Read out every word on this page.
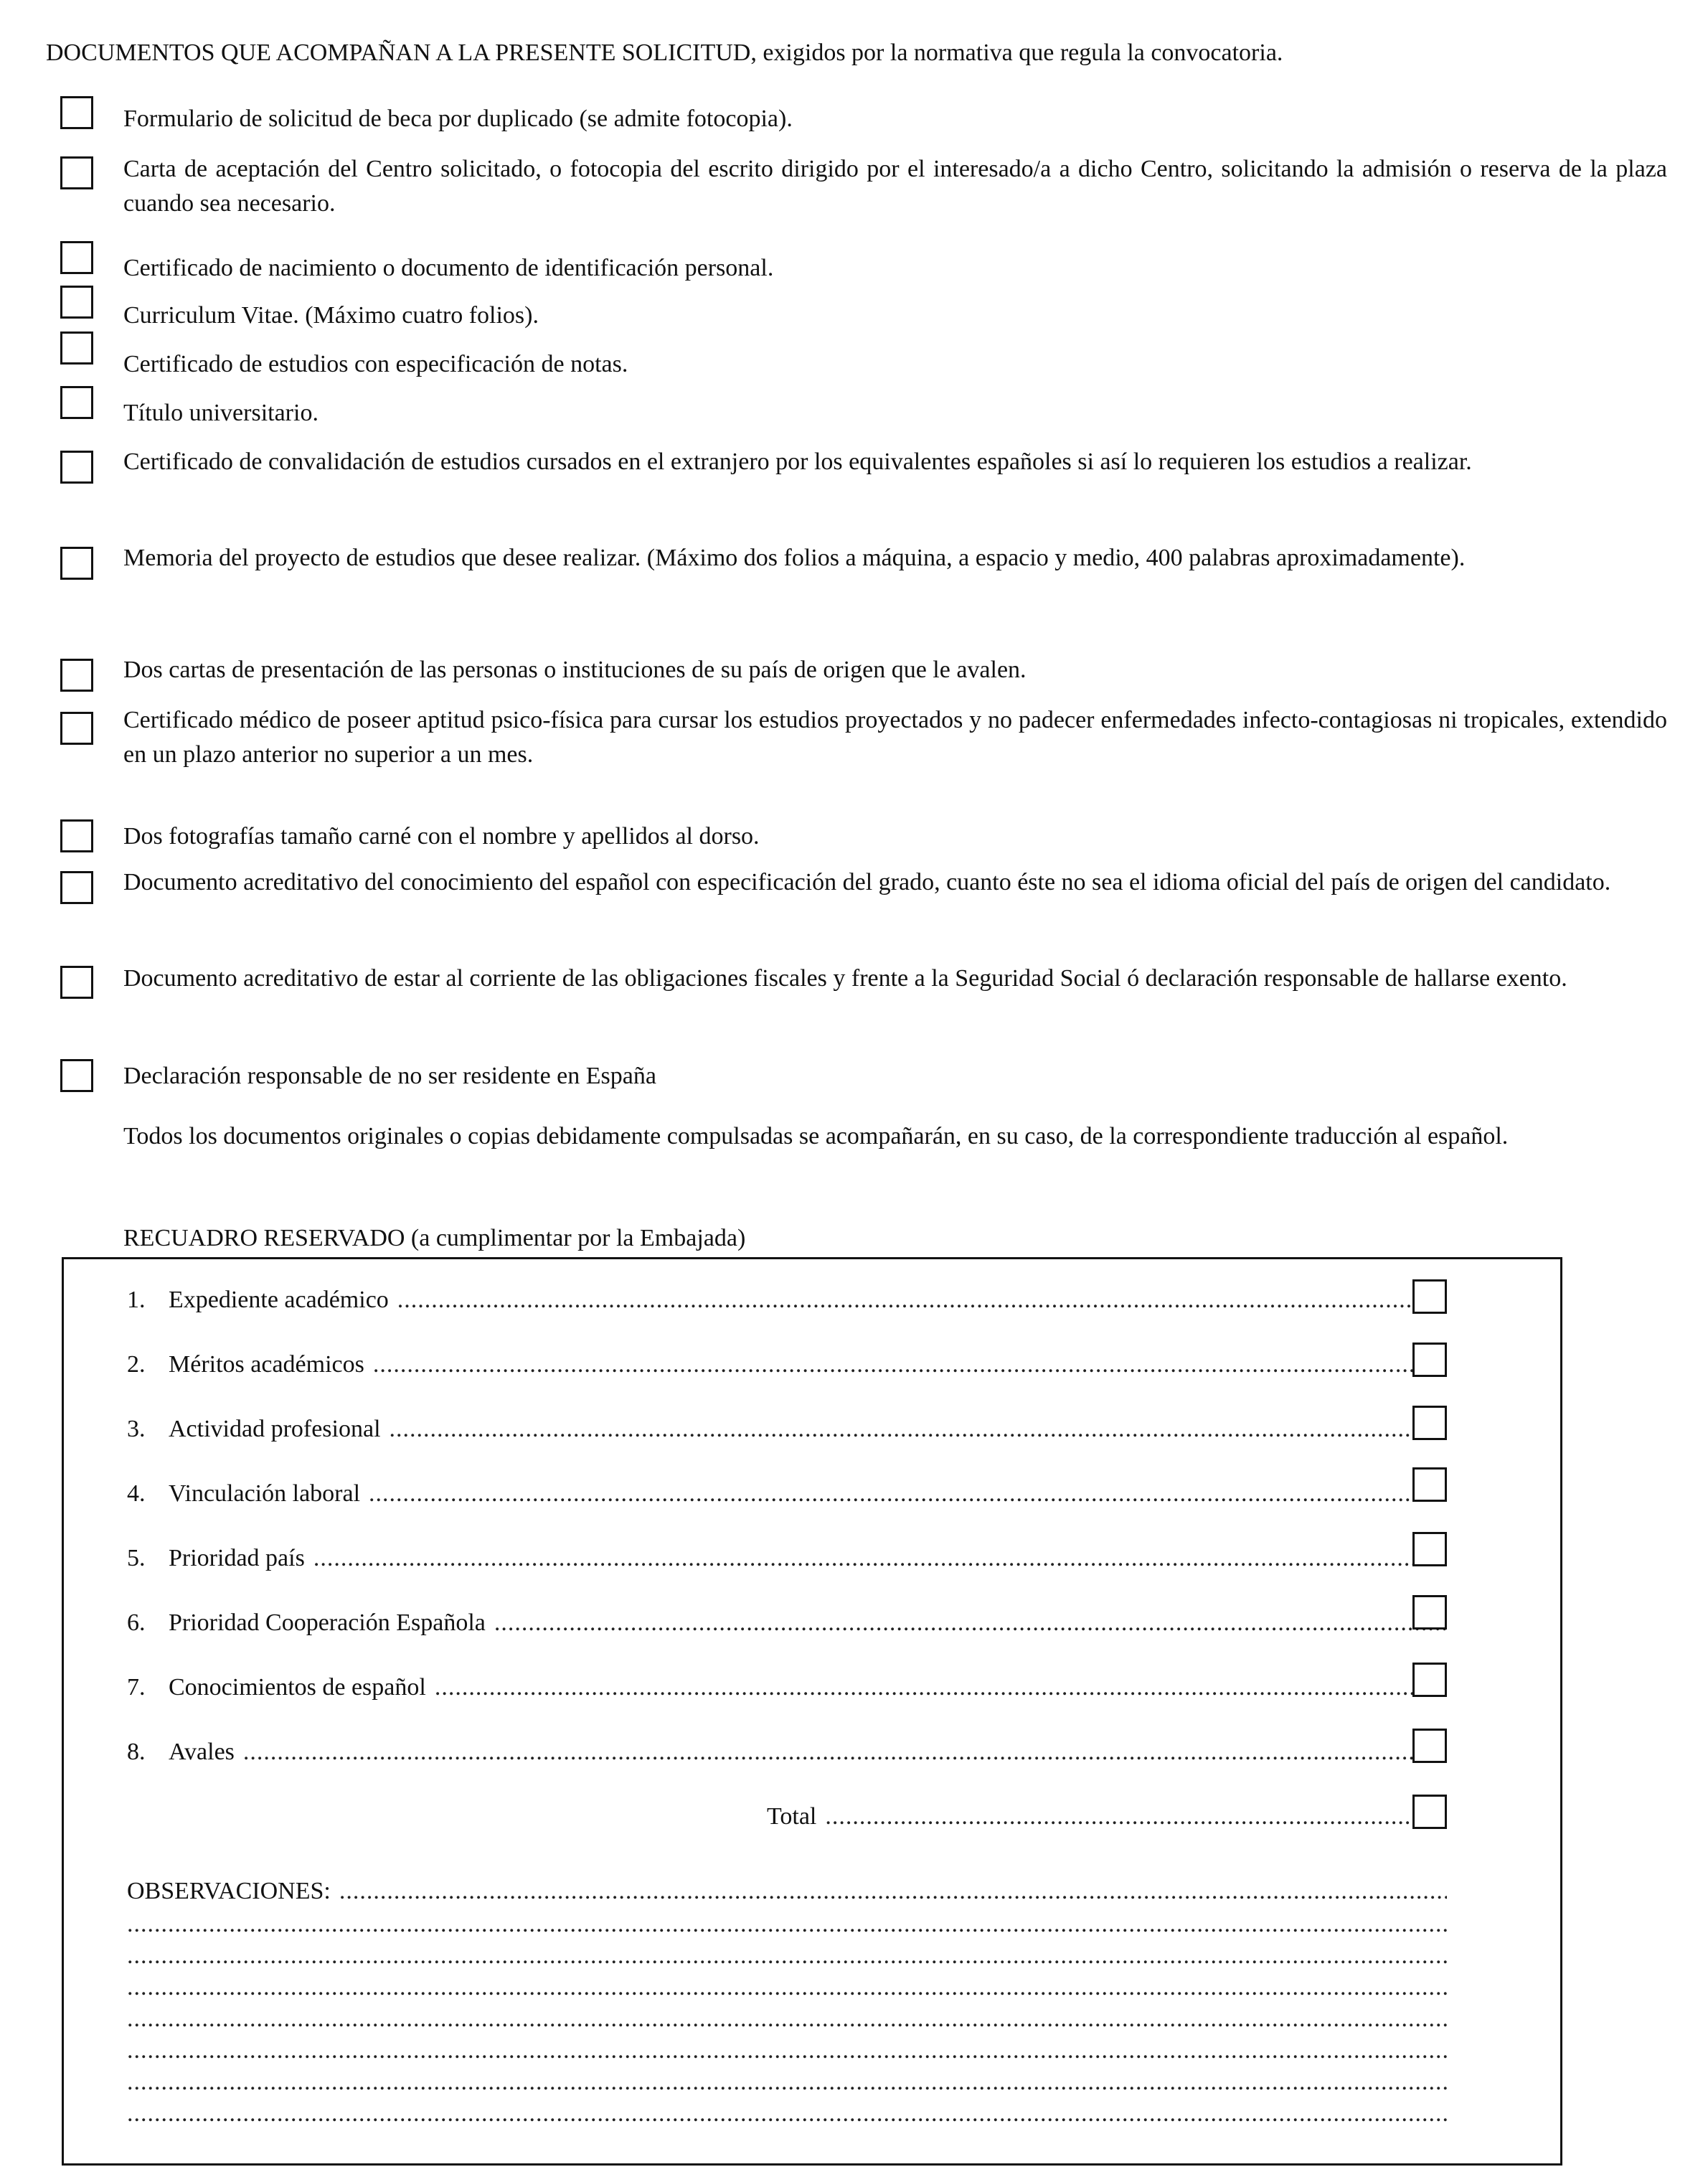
DOCUMENTOS QUE ACOMPAÑAN A LA PRESENTE SOLICITUD, exigidos por la normativa que regula la convocatoria.
Formulario de solicitud de beca por duplicado (se admite fotocopia).
Carta de aceptación del Centro solicitado, o fotocopia del escrito dirigido por el interesado/a a dicho Centro, solicitando la admisión o reserva de la plaza cuando sea necesario.
Certificado de nacimiento o documento de identificación personal.
Curriculum Vitae. (Máximo cuatro folios).
Certificado de estudios con especificación de notas.
Título universitario.
Certificado de convalidación de estudios cursados en el extranjero por los equivalentes españoles si así lo requieren los estudios a realizar.
Memoria del proyecto de estudios que desee realizar. (Máximo dos folios a máquina, a espacio y medio, 400 palabras aproximadamente).
Dos cartas de presentación de las personas o instituciones de su país de origen que le avalen.
Certificado médico de poseer aptitud psico-física para cursar los estudios proyectados y no padecer enfermedades infecto-contagiosas ni tropicales, extendido en un plazo anterior no superior a un mes.
Dos fotografías tamaño carné con el nombre y apellidos al dorso.
Documento acreditativo del conocimiento del español con especificación del grado, cuanto éste no sea el idioma oficial del país de origen del candidato.
Documento acreditativo de estar al corriente de las obligaciones fiscales y frente a la Seguridad Social ó declaración responsable de hallarse exento.
Declaración responsable de no ser residente en España
Todos los documentos originales o copias debidamente compulsadas se acompañarán, en su caso, de la correspondiente traducción al español.
RECUADRO RESERVADO (a cumplimentar por la Embajada)
1. Expediente académico
.....
2. Méritos académicos
.....
3. Actividad profesional
.....
4. Vinculación laboral
.....
5. Prioridad país
.....
6. Prioridad Cooperación Española
.....
7. Conocimientos de español
.....
8. Avales
.....
Total
.....
OBSERVACIONES:
.....
.....
.....
.....
.....
.....
.....
.....
